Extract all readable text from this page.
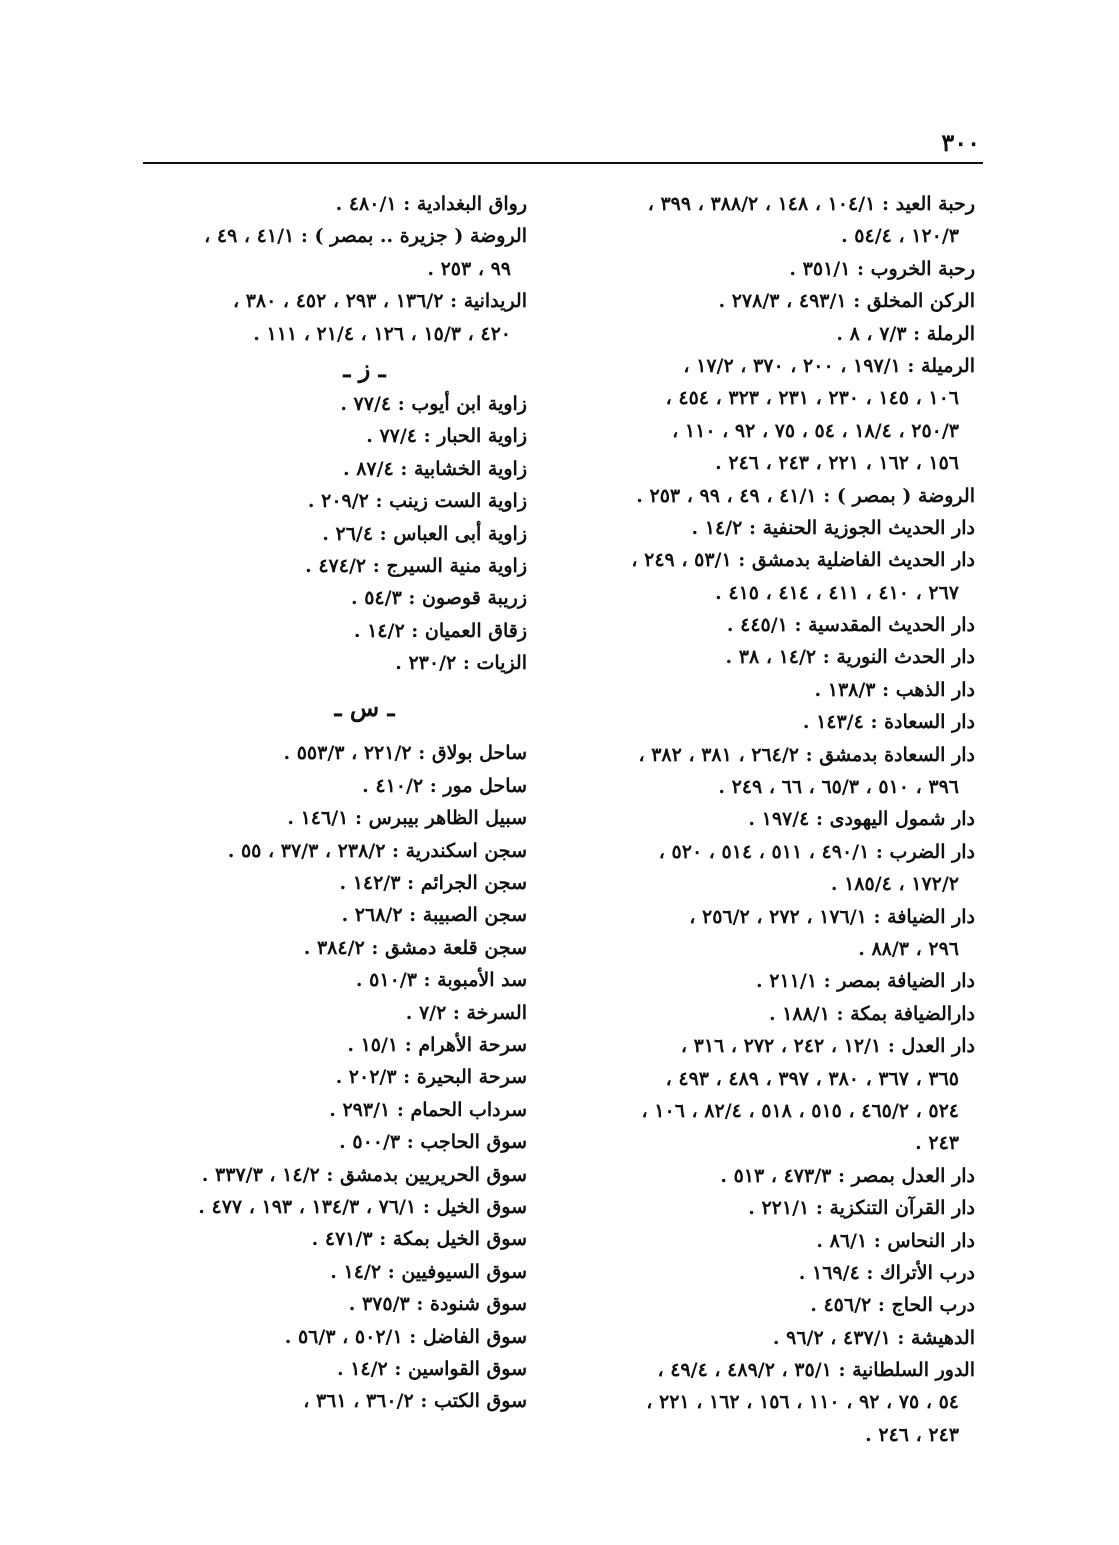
٣٠٠
رحبة العيد : ١٠٤/١ ، ١٤٨ ، ٣٨٨/٢ ، ٣٩٩ ،
١٢٠/٣ ، ٥٤/٤ .
رحبة الخروب : ٣٥١/١ .
الركن المخلق : ٤٩٣/١ ، ٢٧٨/٣ .
الرملة : ٧/٣ ، ٨ .
الرميلة : ١٩٧/١ ، ٢٠٠ ، ٣٧٠ ، ١٧/٢ ،
١٠٦ ، ١٤٥ ، ٢٣٠ ، ٢٣١ ، ٣٢٣ ، ٤٥٤ ،
٢٥٠/٣ ، ١٨/٤ ، ٥٤ ، ٧٥ ، ٩٢ ، ١١٠ ،
١٥٦ ، ١٦٢ ، ٢٢١ ، ٢٤٣ ، ٢٤٦ .
الروضة ( بمصر ) : ٤١/١ ، ٤٩ ، ٩٩ ، ٢٥٣ .
دار الحديث الجوزية الحنفية : ١٤/٢ .
دار الحديث الفاضلية بدمشق : ٥٣/١ ، ٢٤٩ ،
٢٦٧ ، ٤١٠ ، ٤١١ ، ٤١٤ ، ٤١٥ .
دار الحديث المقدسية : ٤٤٥/١ .
دار الحدث النورية : ١٤/٢ ، ٣٨ .
دار الذهب : ١٣٨/٣ .
دار السعادة : ١٤٣/٤ .
دار السعادة بدمشق : ٢٦٤/٢ ، ٣٨١ ، ٣٨٢ ،
٣٩٦ ، ٥١٠ ، ٦٥/٣ ، ٦٦ ، ٢٤٩ .
دار شمول اليهودى : ١٩٧/٤ .
دار الضرب : ٤٩٠/١ ، ٥١١ ، ٥١٤ ، ٥٢٠ ،
١٧٢/٢ ، ١٨٥/٤ .
دار الضيافة : ١٧٦/١ ، ٢٧٢ ، ٢٥٦/٢ ،
٢٩٦ ، ٨٨/٣ .
دار الضيافة بمصر : ٢١١/١ .
دارالضيافة بمكة : ١٨٨/١ .
دار العدل : ١٢/١ ، ٢٤٢ ، ٢٧٢ ، ٣١٦ ،
٣٦٥ ، ٣٦٧ ، ٣٨٠ ، ٣٩٧ ، ٤٨٩ ، ٤٩٣ ،
٥٢٤ ، ٤٦٥/٢ ، ٥١٥ ، ٥١٨ ، ٨٢/٤ ، ١٠٦ ،
٢٤٣ .
دار العدل بمصر : ٤٧٣/٣ ، ٥١٣ .
دار القرآن التنكزية : ٢٢١/١ .
دار النحاس : ٨٦/١ .
درب الأتراك : ١٦٩/٤ .
درب الحاج : ٤٥٦/٢ .
الدهيشة : ٤٣٧/١ ، ٩٦/٢ .
الدور السلطانية : ٣٥/١ ، ٤٨٩/٢ ، ٤٩/٤ ،
٥٤ ، ٧٥ ، ٩٢ ، ١١٠ ، ١٥٦ ، ١٦٢ ، ٢٢١ ،
٢٤٣ ، ٢٤٦ .
رواق البغدادية : ٤٨٠/١ .
الروضة ( جزيرة .. بمصر ) : ٤١/١ ، ٤٩ ،
٩٩ ، ٢٥٣ .
الريدانية : ١٣٦/٢ ، ٢٩٣ ، ٤٥٢ ، ٣٨٠ ،
٤٢٠ ، ١٥/٣ ، ١٢٦ ، ٢١/٤ ، ١١١ .
ـ ز ـ
زاوية ابن أيوب : ٧٧/٤ .
زاوية الحبار : ٧٧/٤ .
زاوية الخشابية : ٨٧/٤ .
زاوية الست زينب : ٢٠٩/٢ .
زاوية أبى العباس : ٢٦/٤ .
زاوية منية السيرج : ٤٧٤/٢ .
زريبة قوصون : ٥٤/٣ .
زقاق العميان : ١٤/٢ .
الزيات : ٢٣٠/٢ .
ـ س ـ
ساحل بولاق : ٢٢١/٢ ، ٥٥٣/٣ .
ساحل مور : ٤١٠/٢ .
سبيل الظاهر بيبرس : ١٤٦/١ .
سجن اسكندرية : ٢٣٨/٢ ، ٣٧/٣ ، ٥٥ .
سجن الجرائم : ١٤٢/٣ .
سجن الصبيبة : ٢٦٨/٢ .
سجن قلعة دمشق : ٣٨٤/٢ .
سد الأمبوبة : ٥١٠/٣ .
السرخة : ٧/٢ .
سرحة الأهرام : ١٥/١ .
سرحة البحيرة : ٢٠٢/٣ .
سرداب الحمام : ٢٩٣/١ .
سوق الحاجب : ٥٠٠/٣ .
سوق الحريريين بدمشق : ١٤/٢ ، ٣٣٧/٣ .
سوق الخيل : ٧٦/١ ، ١٣٤/٣ ، ١٩٣ ، ٤٧٧ .
سوق الخيل بمكة : ٤٧١/٣ .
سوق السيوفيين : ١٤/٢ .
سوق شنودة : ٣٧٥/٣ .
سوق الفاضل : ٥٠٢/١ ، ٥٦/٣ .
سوق القواسين : ١٤/٢ .
سوق الكتب : ٣٦٠/٢ ، ٣٦١ ،
